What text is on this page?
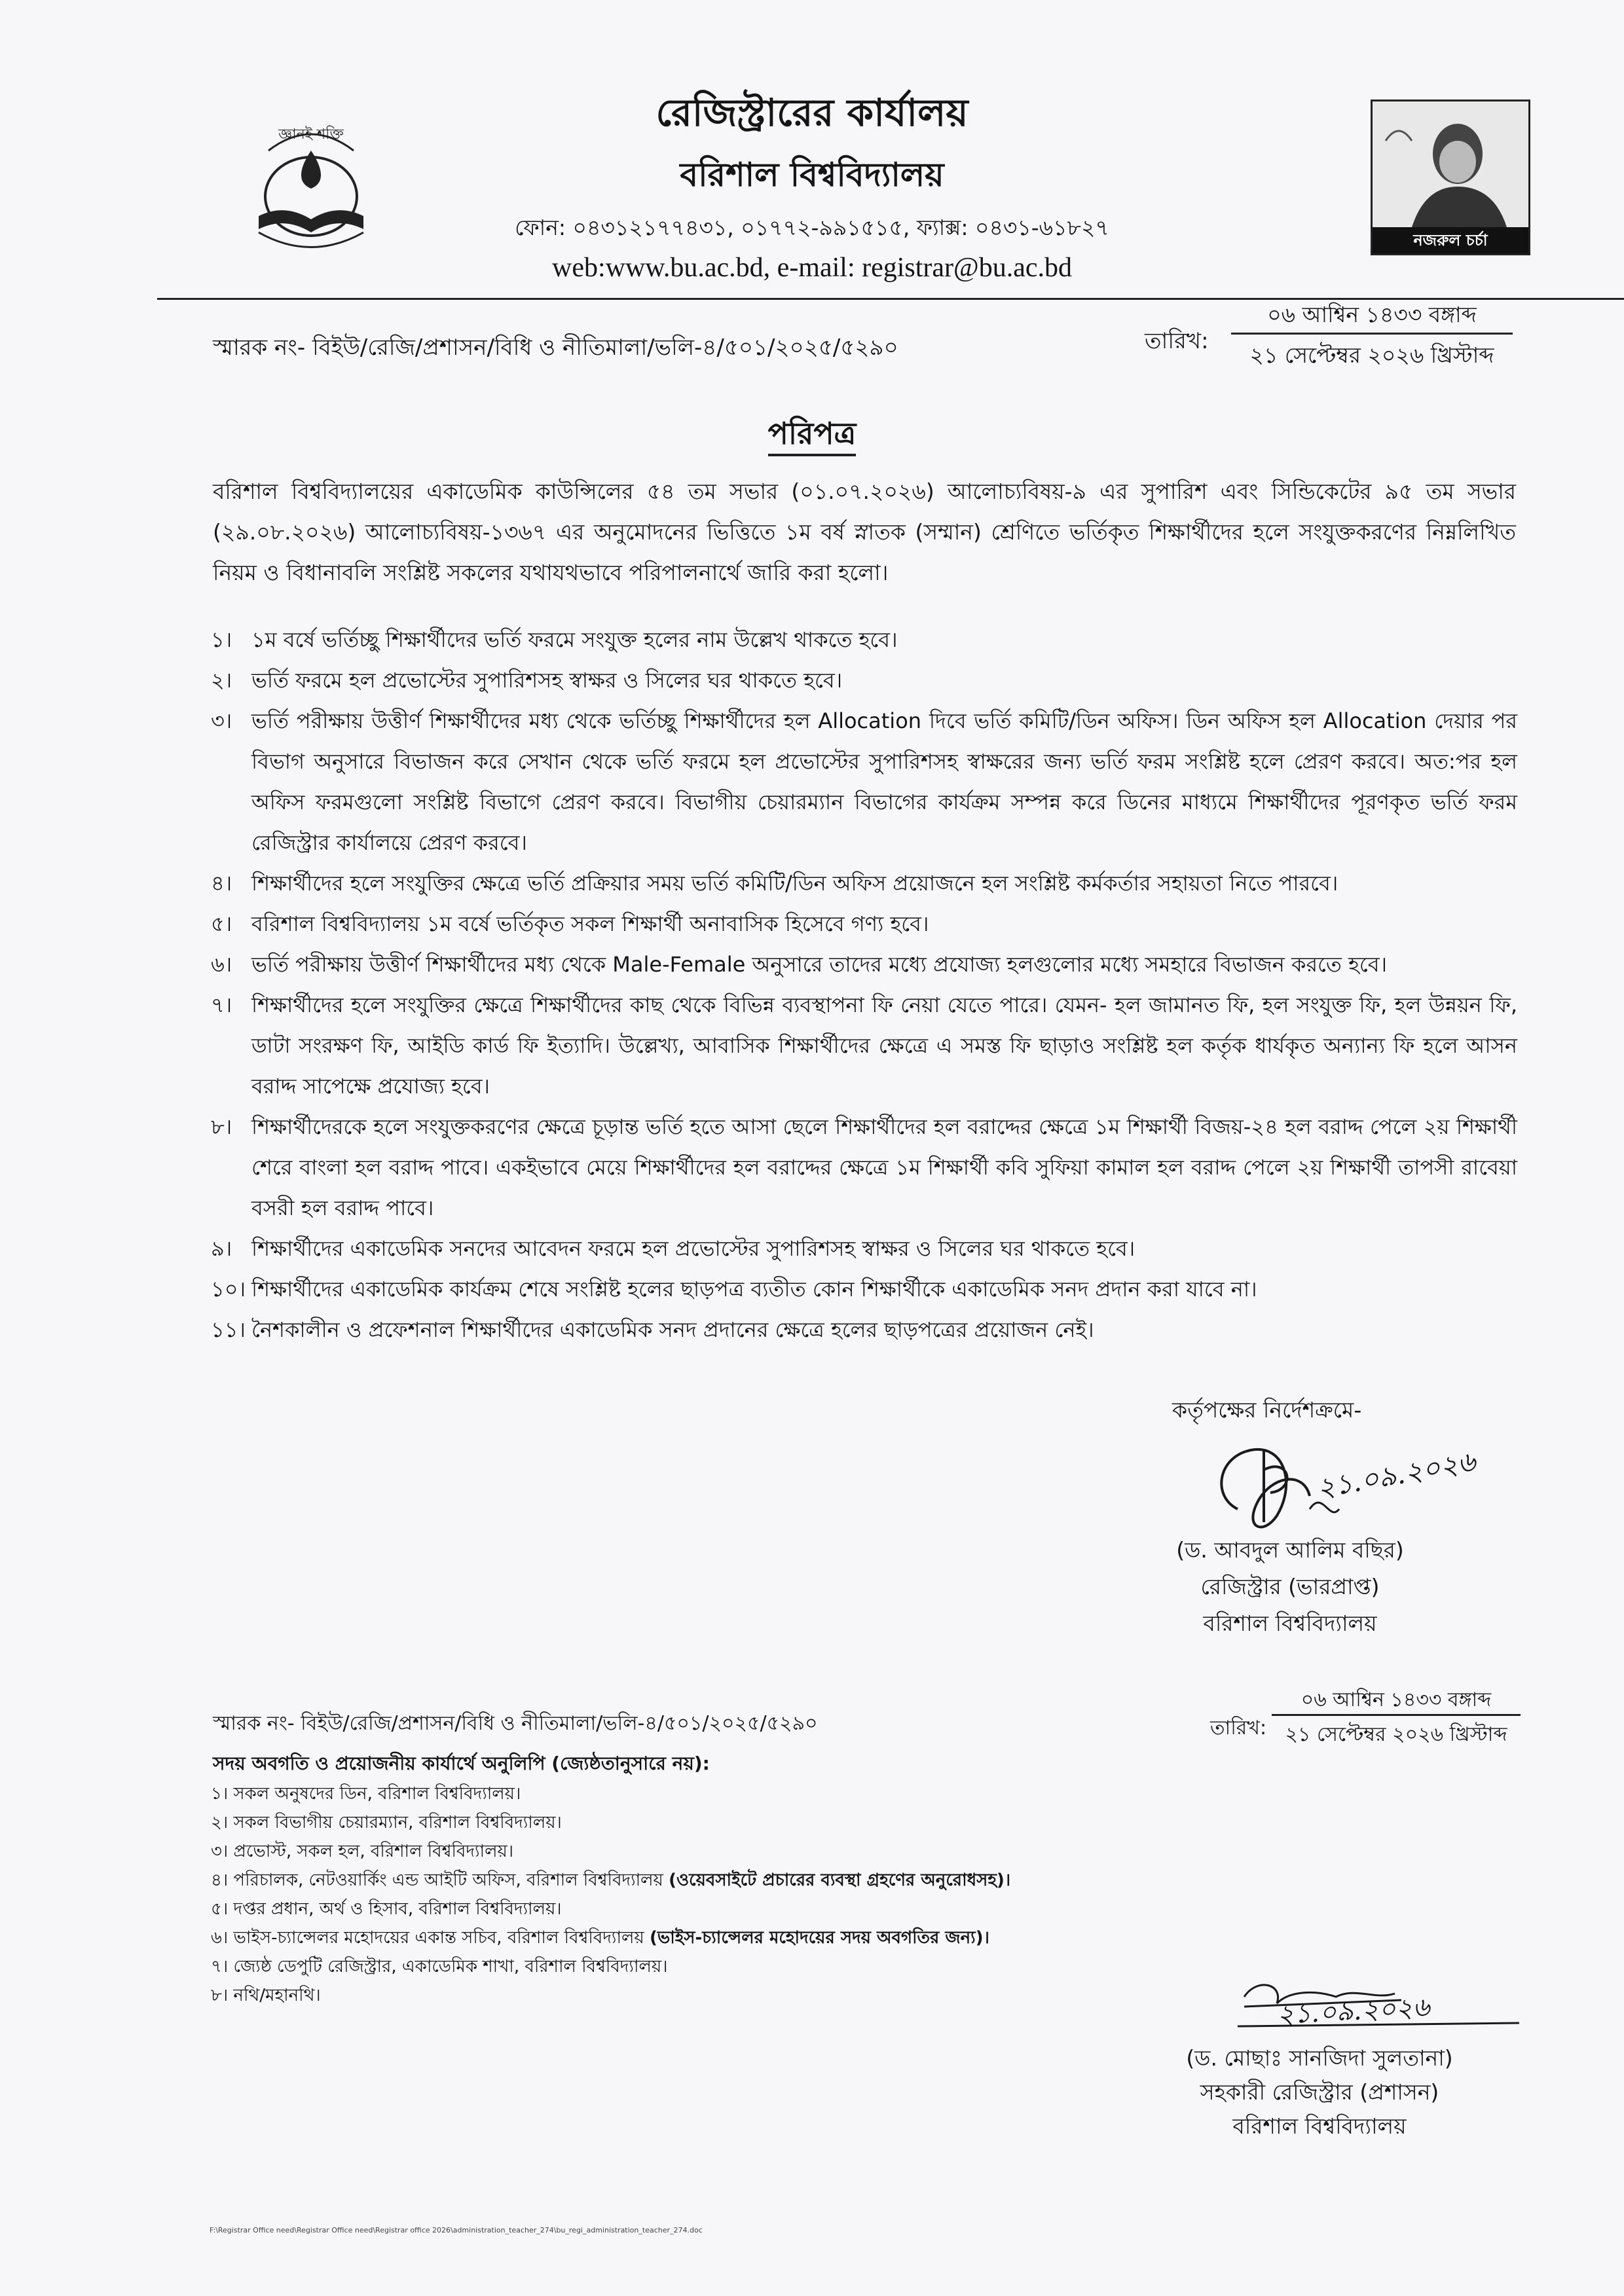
জ্ঞানই শক্তি	রেজিস্ট্রারের কার্যালয়
বরিশাল বিশ্ববিদ্যালয়
ফোন: ০৪৩১২১৭৭৪৩১, ০১৭৭২-৯৯১৫১৫, ফ্যাক্স: ০৪৩১-৬১৮২৭
web:www.bu.ac.bd, e-mail: registrar@bu.ac.bd
নজরুল চর্চা
স্মারক নং- বিইউ/রেজি/প্রশাসন/বিধি ও নীতিমালা/ভলি-৪/৫০১/২০২৫/৫২৯০	তারিখ:
০৬ আশ্বিন ১৪৩৩ বঙ্গাব্দ
২১ সেপ্টেম্বর ২০২৬ খ্রিস্টাব্দ
পরিপত্র
বরিশাল বিশ্ববিদ্যালয়ের একাডেমিক কাউন্সিলের ৫৪ তম সভার (০১.০৭.২০২৬) আলোচ্যবিষয়-৯ এর সুপারিশ এবং সিন্ডিকেটের ৯৫ তম সভার (২৯.০৮.২০২৬) আলোচ্যবিষয়-১৩৬৭ এর অনুমোদনের ভিত্তিতে ১ম বর্ষ স্নাতক (সম্মান) শ্রেণিতে ভর্তিকৃত শিক্ষার্থীদের হলে সংযুক্তকরণের নিম্নলিখিত নিয়ম ও বিধানাবলি সংশ্লিষ্ট সকলের যথাযথভাবে পরিপালনার্থে জারি করা হলো।
১। ১ম বর্ষে ভর্তিচ্ছু শিক্ষার্থীদের ভর্তি ফরমে সংযুক্ত হলের নাম উল্লেখ থাকতে হবে।
২। ভর্তি ফরমে হল প্রভোস্টের সুপারিশসহ স্বাক্ষর ও সিলের ঘর থাকতে হবে।
৩। ভর্তি পরীক্ষায় উত্তীর্ণ শিক্ষার্থীদের মধ্য থেকে ভর্তিচ্ছু শিক্ষার্থীদের হল Allocation দিবে ভর্তি কমিটি/ডিন অফিস। ডিন অফিস হল Allocation দেয়ার পর বিভাগ অনুসারে বিভাজন করে সেখান থেকে ভর্তি ফরমে হল প্রভোস্টের সুপারিশসহ স্বাক্ষরের জন্য ভর্তি ফরম সংশ্লিষ্ট হলে প্রেরণ করবে। অত:পর হল অফিস ফরমগুলো সংশ্লিষ্ট বিভাগে প্রেরণ করবে। বিভাগীয় চেয়ারম্যান বিভাগের কার্যক্রম সম্পন্ন করে ডিনের মাধ্যমে শিক্ষার্থীদের পূরণকৃত ভর্তি ফরম রেজিস্ট্রার কার্যালয়ে প্রেরণ করবে।
৪। শিক্ষার্থীদের হলে সংযুক্তির ক্ষেত্রে ভর্তি প্রক্রিয়ার সময় ভর্তি কমিটি/ডিন অফিস প্রয়োজনে হল সংশ্লিষ্ট কর্মকর্তার সহায়তা নিতে পারবে।
৫। বরিশাল বিশ্ববিদ্যালয় ১ম বর্ষে ভর্তিকৃত সকল শিক্ষার্থী অনাবাসিক হিসেবে গণ্য হবে।
৬। ভর্তি পরীক্ষায় উত্তীর্ণ শিক্ষার্থীদের মধ্য থেকে Male-Female অনুসারে তাদের মধ্যে প্রযোজ্য হলগুলোর মধ্যে সমহারে বিভাজন করতে হবে।
৭। শিক্ষার্থীদের হলে সংযুক্তির ক্ষেত্রে শিক্ষার্থীদের কাছ থেকে বিভিন্ন ব্যবস্থাপনা ফি নেয়া যেতে পারে। যেমন- হল জামানত ফি, হল সংযুক্ত ফি, হল উন্নয়ন ফি, ডাটা সংরক্ষণ ফি, আইডি কার্ড ফি ইত্যাদি। উল্লেখ্য, আবাসিক শিক্ষার্থীদের ক্ষেত্রে এ সমস্ত ফি ছাড়াও সংশ্লিষ্ট হল কর্তৃক ধার্যকৃত অন্যান্য ফি হলে আসন বরাদ্দ সাপেক্ষে প্রযোজ্য হবে।
৮। শিক্ষার্থীদেরকে হলে সংযুক্তকরণের ক্ষেত্রে চূড়ান্ত ভর্তি হতে আসা ছেলে শিক্ষার্থীদের হল বরাদ্দের ক্ষেত্রে ১ম শিক্ষার্থী বিজয়-২৪ হল বরাদ্দ পেলে ২য় শিক্ষার্থী শেরে বাংলা হল বরাদ্দ পাবে। একইভাবে মেয়ে শিক্ষার্থীদের হল বরাদ্দের ক্ষেত্রে ১ম শিক্ষার্থী কবি সুফিয়া কামাল হল বরাদ্দ পেলে ২য় শিক্ষার্থী তাপসী রাবেয়া বসরী হল বরাদ্দ পাবে।
৯। শিক্ষার্থীদের একাডেমিক সনদের আবেদন ফরমে হল প্রভোস্টের সুপারিশসহ স্বাক্ষর ও সিলের ঘর থাকতে হবে।
১০। শিক্ষার্থীদের একাডেমিক কার্যক্রম শেষে সংশ্লিষ্ট হলের ছাড়পত্র ব্যতীত কোন শিক্ষার্থীকে একাডেমিক সনদ প্রদান করা যাবে না।
১১। নৈশকালীন ও প্রফেশনাল শিক্ষার্থীদের একাডেমিক সনদ প্রদানের ক্ষেত্রে হলের ছাড়পত্রের প্রয়োজন নেই।
কর্তৃপক্ষের নির্দেশক্রমে-
২১.০৯.২০২৬
(ড. আবদুল আলিম বছির)
রেজিস্ট্রার (ভারপ্রাপ্ত)
বরিশাল বিশ্ববিদ্যালয়
স্মারক নং- বিইউ/রেজি/প্রশাসন/বিধি ও নীতিমালা/ভলি-৪/৫০১/২০২৫/৫২৯০	তারিখ:
০৬ আশ্বিন ১৪৩৩ বঙ্গাব্দ
২১ সেপ্টেম্বর ২০২৬ খ্রিস্টাব্দ
সদয় অবগতি ও প্রয়োজনীয় কার্যার্থে অনুলিপি (জ্যেষ্ঠতানুসারে নয়):
১। সকল অনুষদের ডিন, বরিশাল বিশ্ববিদ্যালয়।
২। সকল বিভাগীয় চেয়ারম্যান, বরিশাল বিশ্ববিদ্যালয়।
৩। প্রভোস্ট, সকল হল, বরিশাল বিশ্ববিদ্যালয়।
৪। পরিচালক, নেটওয়ার্কিং এন্ড আইটি অফিস, বরিশাল বিশ্ববিদ্যালয় (ওয়েবসাইটে প্রচারের ব্যবস্থা গ্রহণের অনুরোধসহ)।
৫। দপ্তর প্রধান, অর্থ ও হিসাব, বরিশাল বিশ্ববিদ্যালয়।
৬। ভাইস-চ্যান্সেলর মহোদয়ের একান্ত সচিব, বরিশাল বিশ্ববিদ্যালয় (ভাইস-চ্যান্সেলর মহোদয়ের সদয় অবগতির জন্য)।
৭। জ্যেষ্ঠ ডেপুটি রেজিস্ট্রার, একাডেমিক শাখা, বরিশাল বিশ্ববিদ্যালয়।
৮। নথি/মহানথি।	২১.০৯.২০২৬
(ড. মোছাঃ সানজিদা সুলতানা)
সহকারী রেজিস্ট্রার (প্রশাসন)
বরিশাল বিশ্ববিদ্যালয়
F:\Registrar Office need\Registrar Office need\Registrar office 2026\administration_teacher_274\bu_regi_administration_teacher_274.doc
